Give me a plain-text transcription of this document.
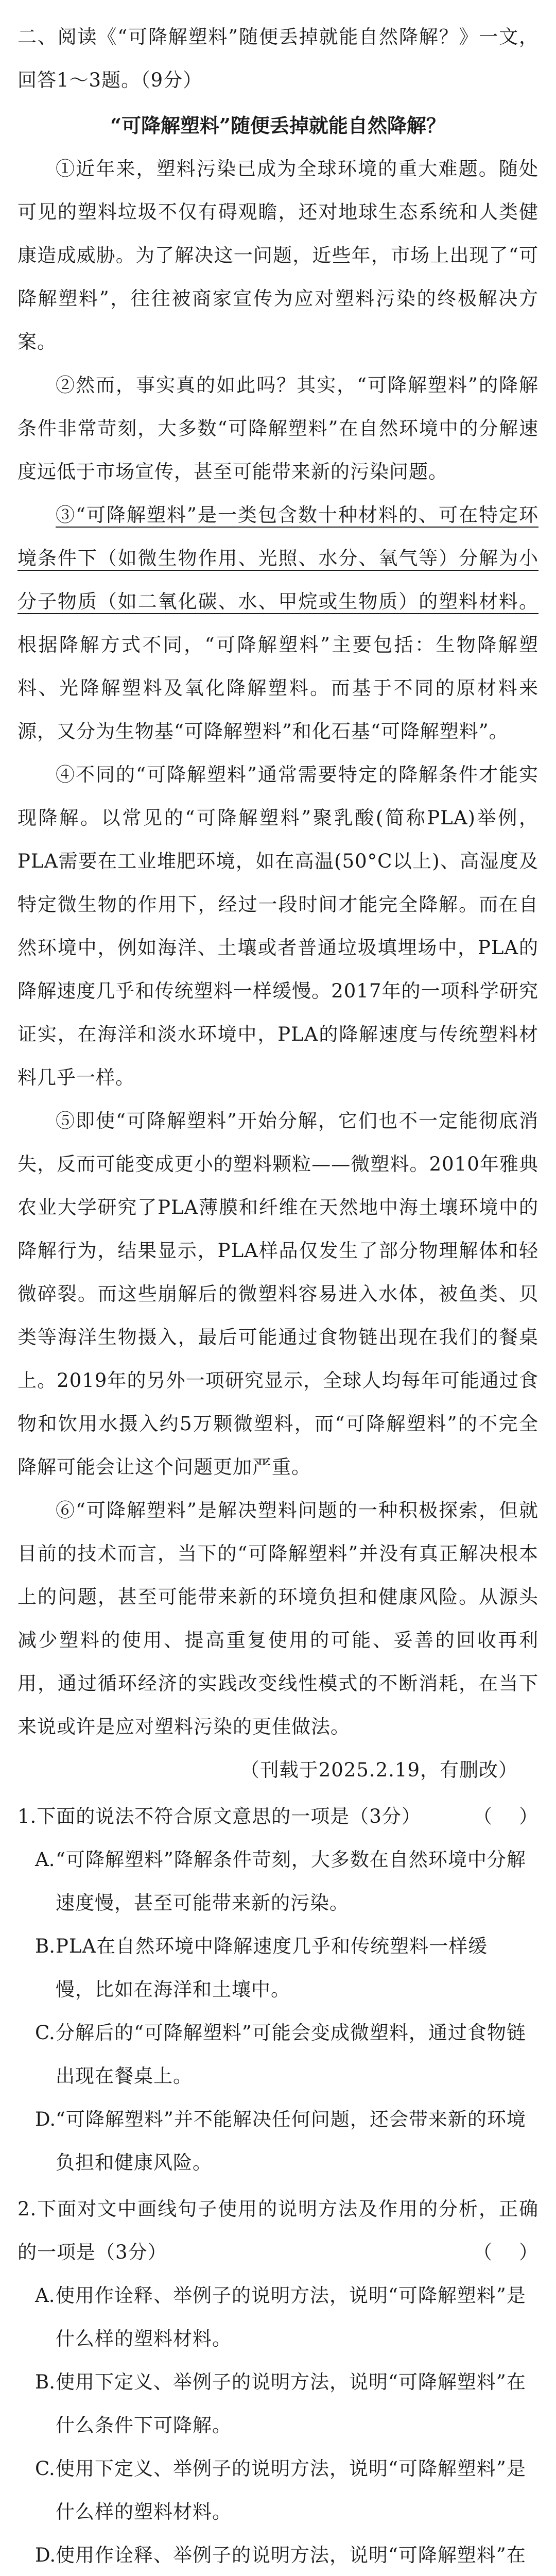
二、阅读《“可降解塑料”随便丢掉就能自然降解？》一文，回答1～3题。（9分）

“可降解塑料”随便丢掉就能自然降解？

①近年来，塑料污染已成为全球环境的重大难题。随处可见的塑料垃圾不仅有碍观瞻，还对地球生态系统和人类健康造成威胁。为了解决这一问题，近些年，市场上出现了“可降解塑料”，往往被商家宣传为应对塑料污染的终极解决方案。

②然而，事实真的如此吗？其实，“可降解塑料”的降解条件非常苛刻，大多数“可降解塑料”在自然环境中的分解速度远低于市场宣传，甚至可能带来新的污染问题。

③“可降解塑料”是一类包含数十种材料的、可在特定环境条件下（如微生物作用、光照、水分、氧气等）分解为小分子物质（如二氧化碳、水、甲烷或生物质）的塑料材料。根据降解方式不同，“可降解塑料”主要包括：生物降解塑料、光降解塑料及氧化降解塑料。而基于不同的原材料来源，又分为生物基“可降解塑料”和化石基“可降解塑料”。

④不同的“可降解塑料”通常需要特定的降解条件才能实现降解。以常见的“可降解塑料”聚乳酸(简称PLA)举例，PLA需要在工业堆肥环境，如在高温(50°C以上)、高湿度及特定微生物的作用下，经过一段时间才能完全降解。而在自然环境中，例如海洋、土壤或者普通垃圾填埋场中，PLA的降解速度几乎和传统塑料一样缓慢。2017年的一项科学研究证实，在海洋和淡水环境中，PLA的降解速度与传统塑料材料几乎一样。

⑤即使“可降解塑料”开始分解，它们也不一定能彻底消失，反而可能变成更小的塑料颗粒——微塑料。2010年雅典农业大学研究了PLA薄膜和纤维在天然地中海土壤环境中的降解行为，结果显示，PLA样品仅发生了部分物理解体和轻微碎裂。而这些崩解后的微塑料容易进入水体，被鱼类、贝类等海洋生物摄入，最后可能通过食物链出现在我们的餐桌上。2019年的另外一项研究显示，全球人均每年可能通过食物和饮用水摄入约5万颗微塑料，而“可降解塑料”的不完全降解可能会让这个问题更加严重。

⑥“可降解塑料”是解决塑料问题的一种积极探索，但就目前的技术而言，当下的“可降解塑料”并没有真正解决根本上的问题，甚至可能带来新的环境负担和健康风险。从源头减少塑料的使用、提高重复使用的可能、妥善的回收再利用，通过循环经济的实践改变线性模式的不断消耗，在当下来说或许是应对塑料污染的更佳做法。

（刊载于2025.2.19，有删改）

1.下面的说法不符合原文意思的一项是（3分）	（    ）
A. “可降解塑料”降解条件苛刻，大多数在自然环境中分解速度慢，甚至可能带来新的污染。
B. PLA在自然环境中降解速度几乎和传统塑料一样缓慢，比如在海洋和土壤中。
C. 分解后的“可降解塑料”可能会变成微塑料，通过食物链出现在餐桌上。
D. “可降解塑料”并不能解决任何问题，还会带来新的环境负担和健康风险。

2.下面对文中画线句子使用的说明方法及作用的分析，正确的一项是（3分）	（    ）

A. 使用作诠释、举例子的说明方法，说明“可降解塑料”是什么样的塑料材料。
B. 使用下定义、举例子的说明方法，说明“可降解塑料”在什么条件下可降解。
C. 使用下定义、举例子的说明方法，说明“可降解塑料”是什么样的塑料材料。
D. 使用作诠释、举例子的说明方法，说明“可降解塑料”在
